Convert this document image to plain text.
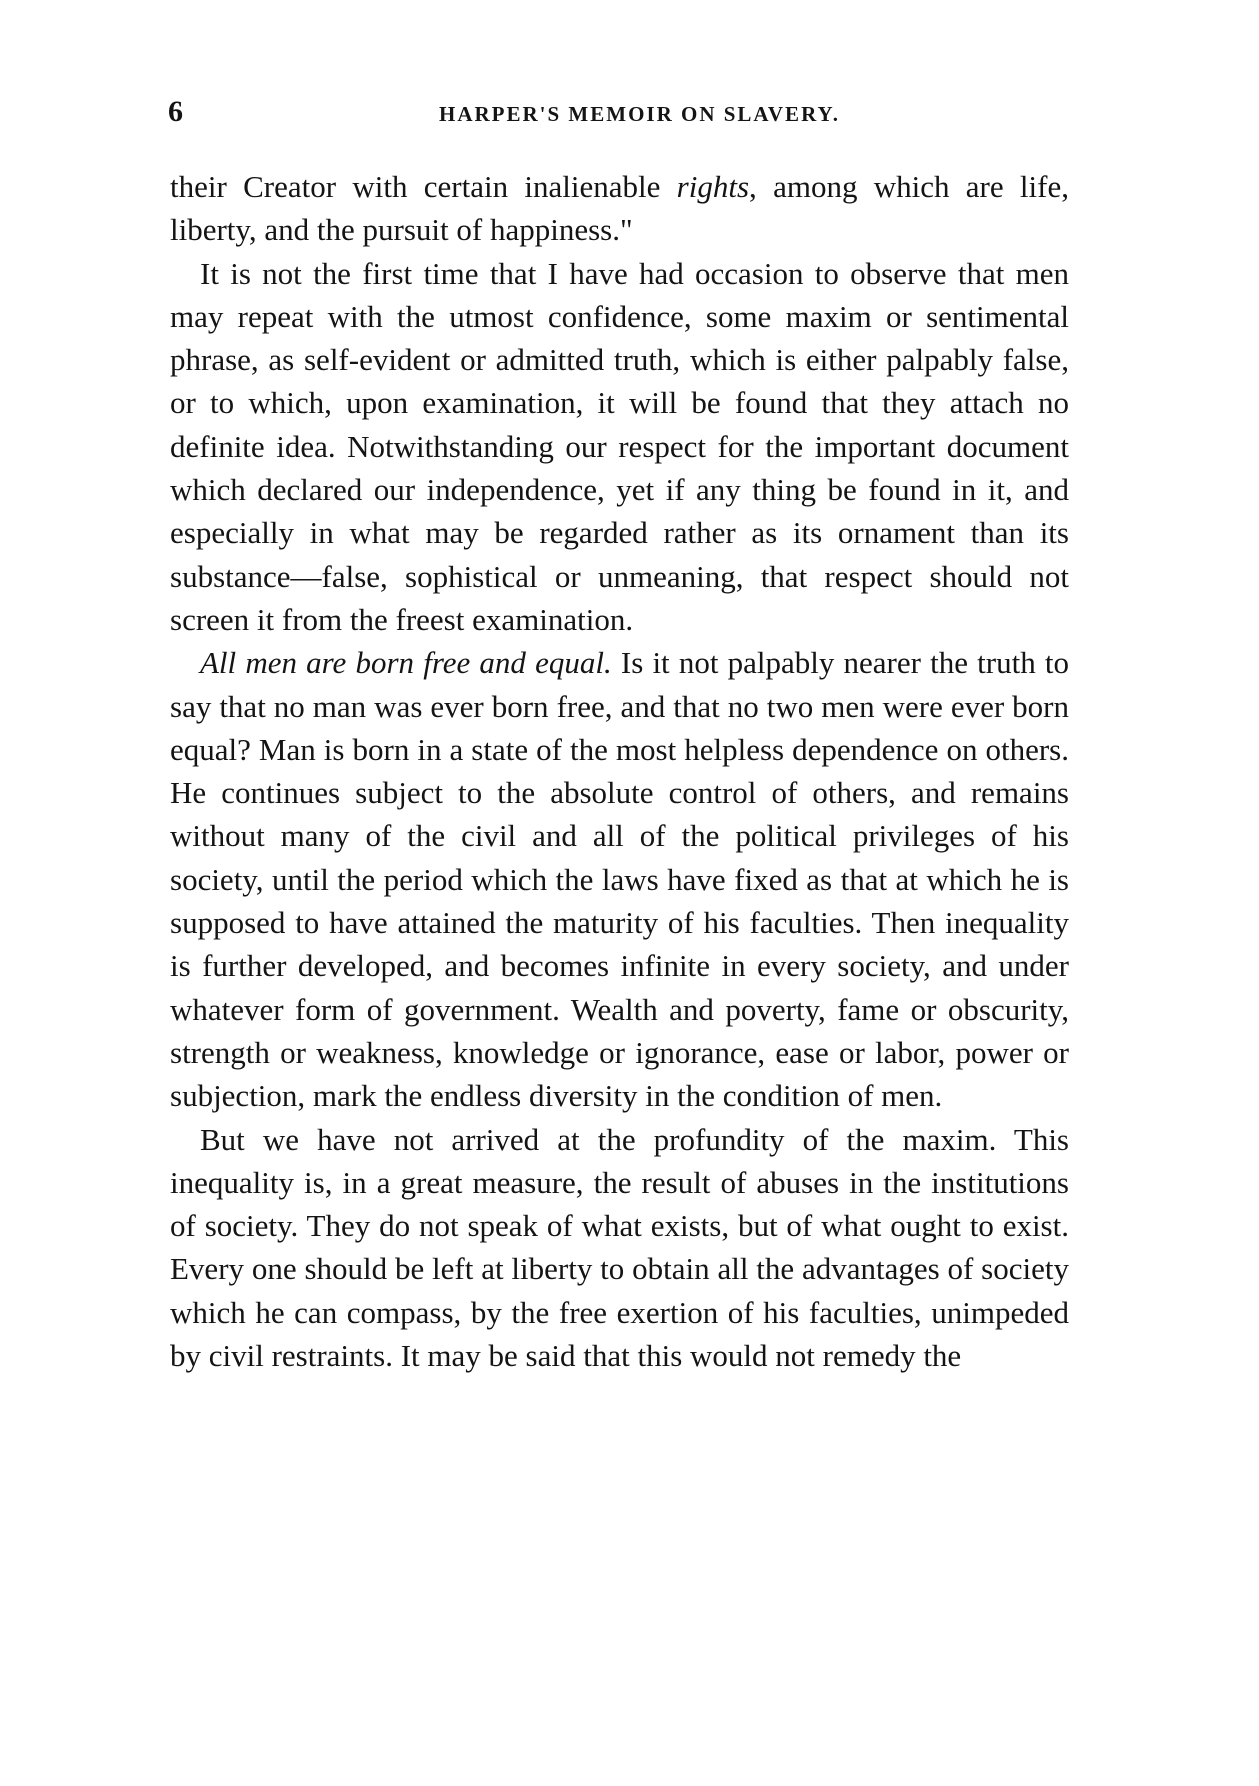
6	HARPER'S MEMOIR ON SLAVERY.

their Creator with certain inalienable rights, among which are life, liberty, and the pursuit of happiness."

It is not the first time that I have had occasion to observe that men may repeat with the utmost confidence, some maxim or sentimental phrase, as self-evident or admitted truth, which is either palpably false, or to which, upon examination, it will be found that they attach no definite idea. Notwithstanding our respect for the important document which declared our independence, yet if any thing be found in it, and especially in what may be regarded rather as its ornament than its substance—false, sophistical or unmeaning, that respect should not screen it from the freest examination.

All men are born free and equal. Is it not palpably nearer the truth to say that no man was ever born free, and that no two men were ever born equal? Man is born in a state of the most helpless dependence on others. He continues subject to the absolute control of others, and remains without many of the civil and all of the political privileges of his society, until the period which the laws have fixed as that at which he is supposed to have attained the maturity of his faculties. Then inequality is further developed, and becomes infinite in every society, and under whatever form of government. Wealth and poverty, fame or obscurity, strength or weakness, knowledge or ignorance, ease or labor, power or subjection, mark the endless diversity in the condition of men.

But we have not arrived at the profundity of the maxim. This inequality is, in a great measure, the result of abuses in the institutions of society. They do not speak of what exists, but of what ought to exist. Every one should be left at liberty to obtain all the advantages of society which he can compass, by the free exertion of his faculties, unimpeded by civil restraints. It may be said that this would not remedy the
